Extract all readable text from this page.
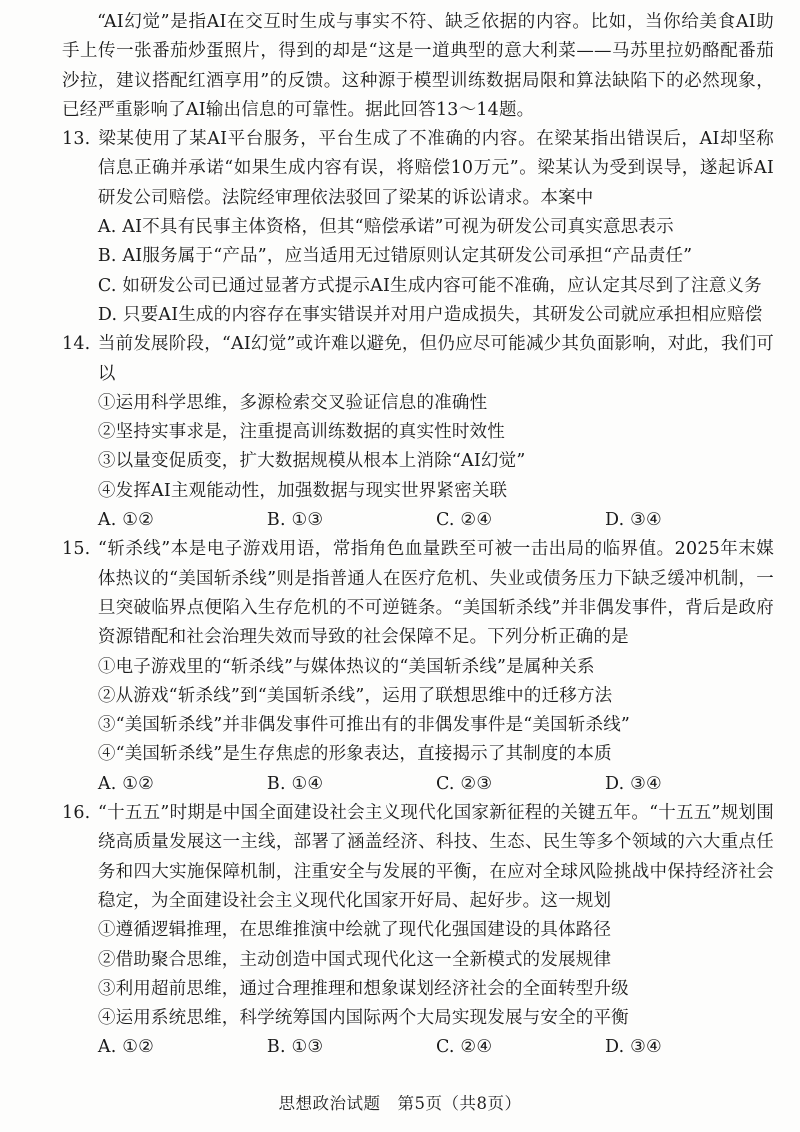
“AI幻觉”是指AI在交互时生成与事实不符、缺乏依据的内容。比如，当你给美食AI助手上传一张番茄炒蛋照片，得到的却是“这是一道典型的意大利菜——马苏里拉奶酪配番茄沙拉，建议搭配红酒享用”的反馈。这种源于模型训练数据局限和算法缺陷下的必然现象，已经严重影响了AI输出信息的可靠性。据此回答13～14题。

13. 梁某使用了某AI平台服务，平台生成了不准确的内容。在梁某指出错误后，AI却坚称信息正确并承诺“如果生成内容有误，将赔偿10万元”。梁某认为受到误导，遂起诉AI研发公司赔偿。法院经审理依法驳回了梁某的诉讼请求。本案中

A. AI不具有民事主体资格，但其“赔偿承诺”可视为研发公司真实意思表示

B. AI服务属于“产品”，应当适用无过错原则认定其研发公司承担“产品责任”

C. 如研发公司已通过显著方式提示AI生成内容可能不准确，应认定其尽到了注意义务

D. 只要AI生成的内容存在事实错误并对用户造成损失，其研发公司就应承担相应赔偿

14. 当前发展阶段，“AI幻觉”或许难以避免，但仍应尽可能减少其负面影响，对此，我们可以

①运用科学思维，多源检索交叉验证信息的准确性

②坚持实事求是，注重提高训练数据的真实性时效性

③以量变促质变，扩大数据规模从根本上消除“AI幻觉”

④发挥AI主观能动性，加强数据与现实世界紧密关联

A. ①②	B. ①③	C. ②④	D. ③④

15. “斩杀线”本是电子游戏用语，常指角色血量跌至可被一击出局的临界值。2025年末媒体热议的“美国斩杀线”则是指普通人在医疗危机、失业或债务压力下缺乏缓冲机制，一旦突破临界点便陷入生存危机的不可逆链条。“美国斩杀线”并非偶发事件，背后是政府资源错配和社会治理失效而导致的社会保障不足。下列分析正确的是

①电子游戏里的“斩杀线”与媒体热议的“美国斩杀线”是属种关系

②从游戏“斩杀线”到“美国斩杀线”，运用了联想思维中的迁移方法

③“美国斩杀线”并非偶发事件可推出有的非偶发事件是“美国斩杀线”

④“美国斩杀线”是生存焦虑的形象表达，直接揭示了其制度的本质

A. ①②	B. ①④	C. ②③	D. ③④

16. “十五五”时期是中国全面建设社会主义现代化国家新征程的关键五年。“十五五”规划围绕高质量发展这一主线，部署了涵盖经济、科技、生态、民生等多个领域的六大重点任务和四大实施保障机制，注重安全与发展的平衡，在应对全球风险挑战中保持经济社会稳定，为全面建设社会主义现代化国家开好局、起好步。这一规划

①遵循逻辑推理，在思维推演中绘就了现代化强国建设的具体路径

②借助聚合思维，主动创造中国式现代化这一全新模式的发展规律

③利用超前思维，通过合理推理和想象谋划经济社会的全面转型升级

④运用系统思维，科学统筹国内国际两个大局实现发展与安全的平衡

A. ①②	B. ①③	C. ②④	D. ③④
思想政治试题　第5页（共8页）
